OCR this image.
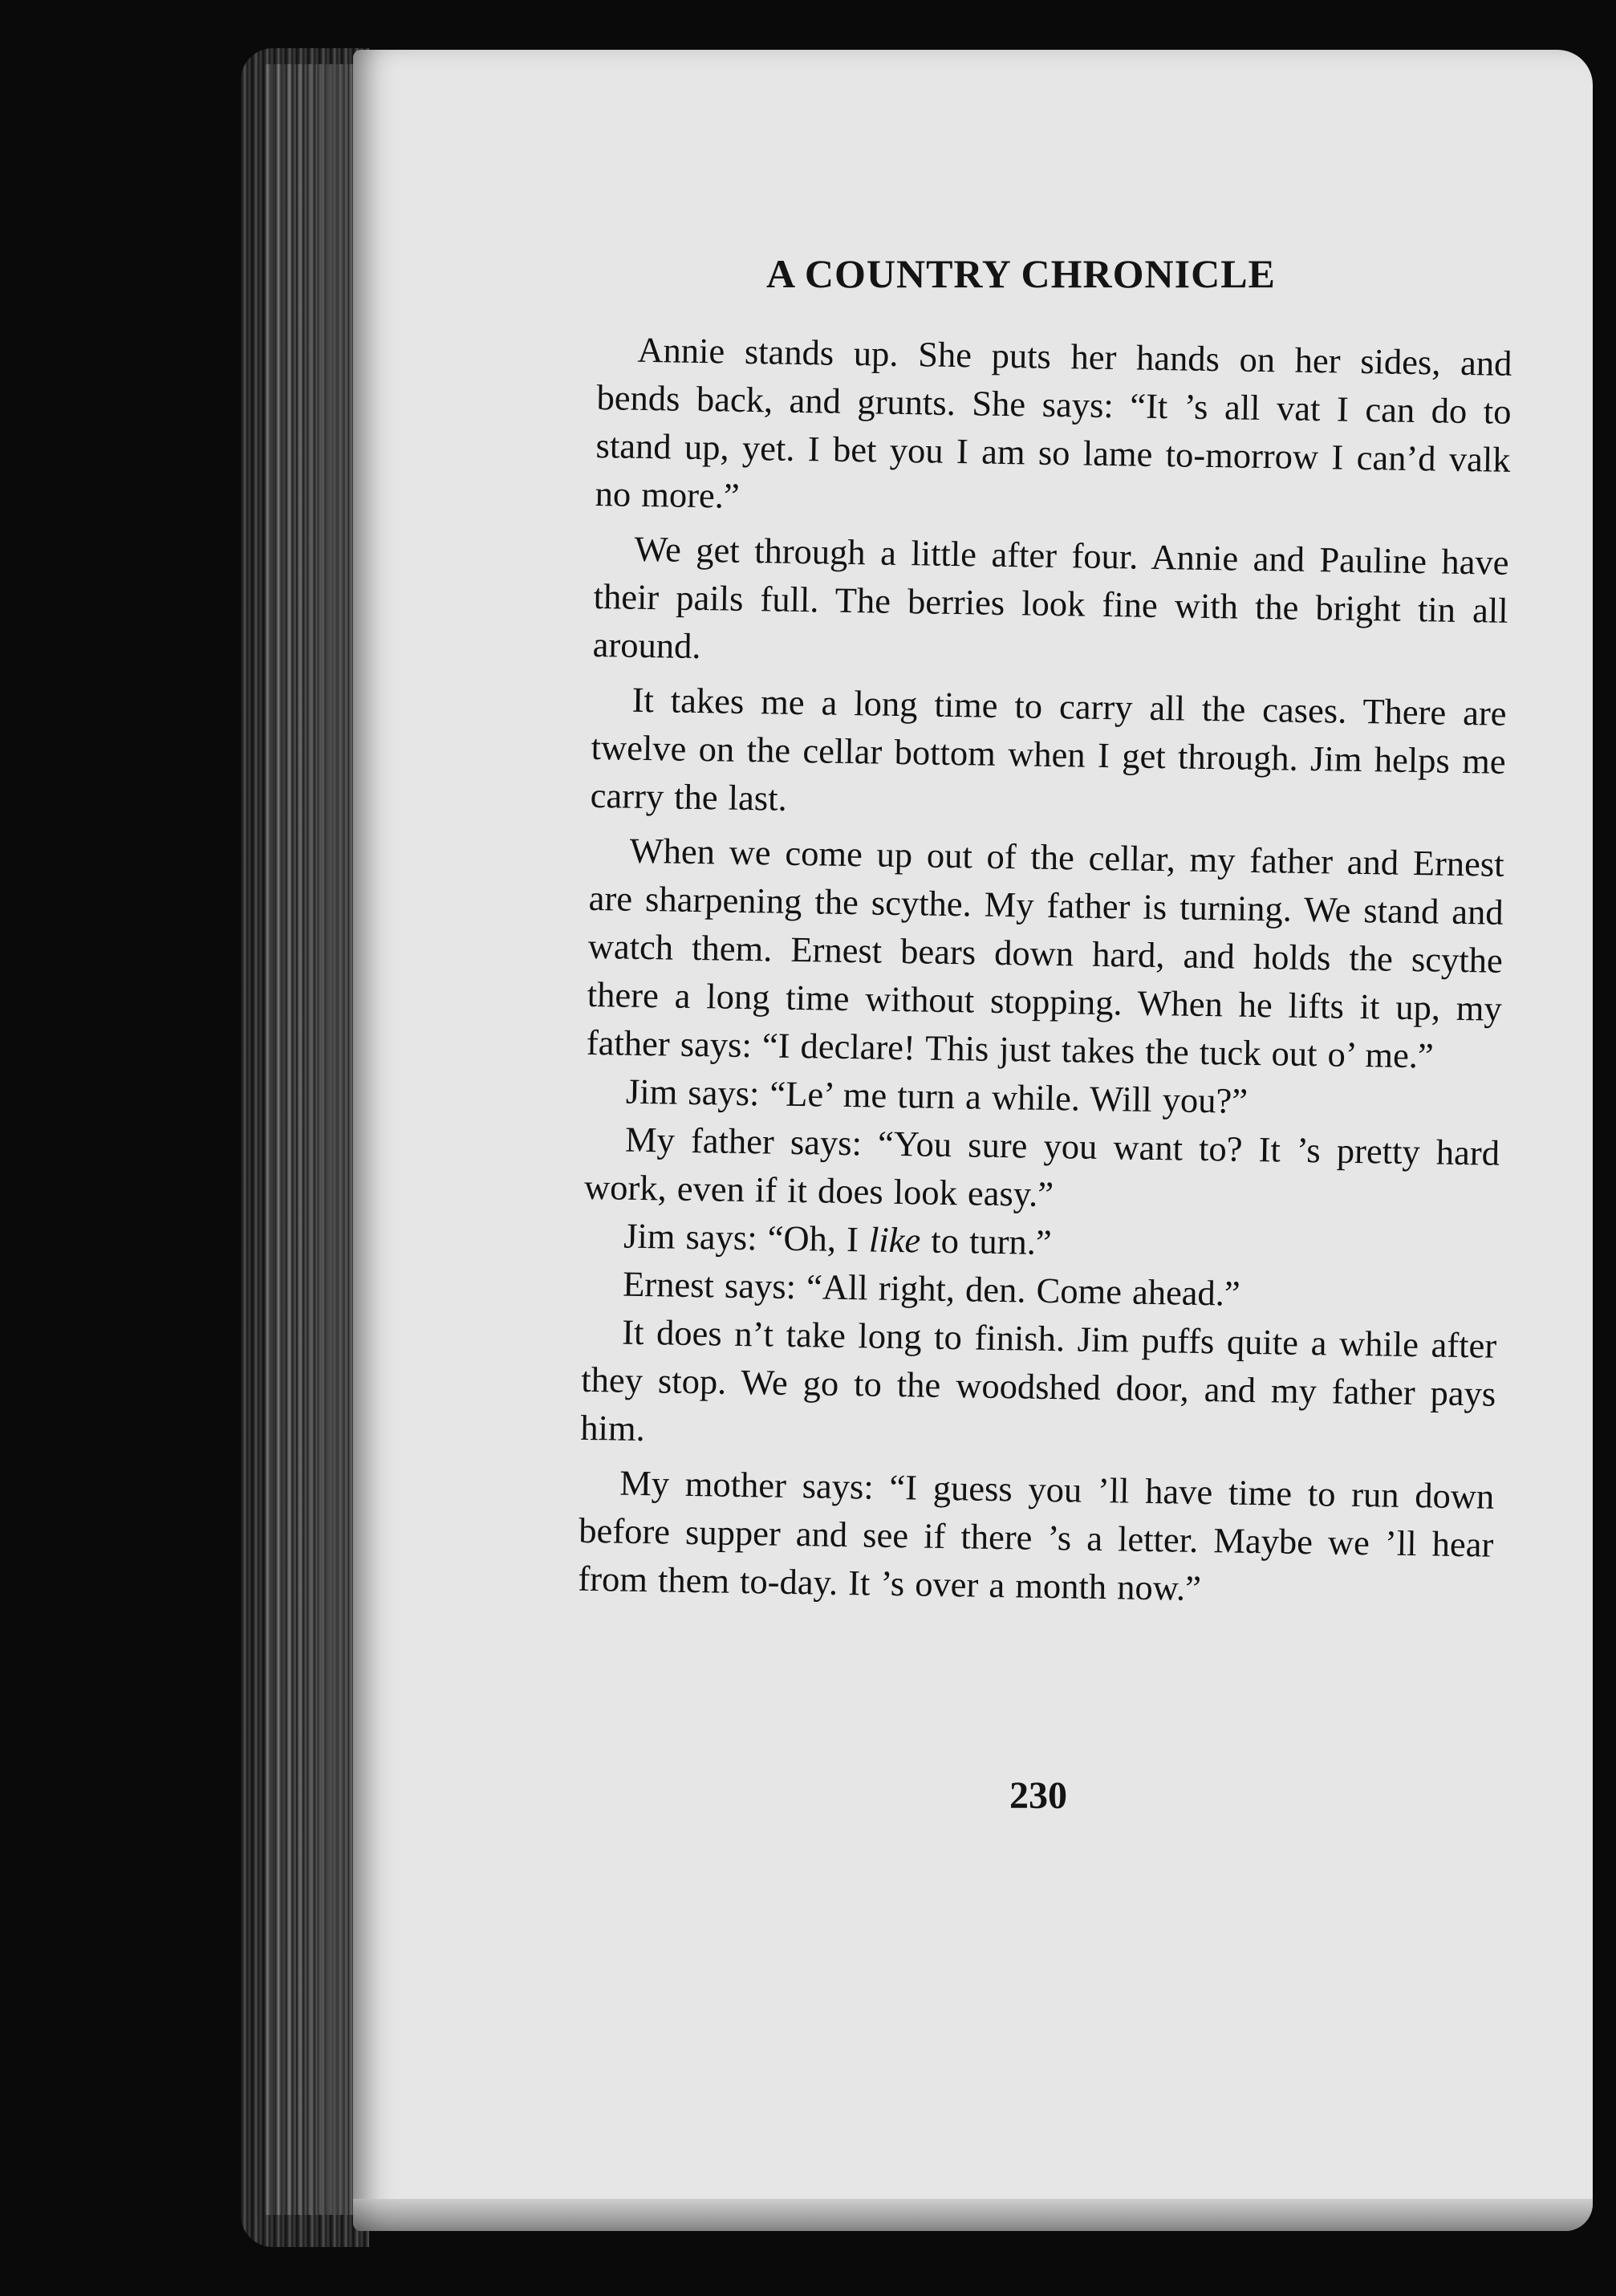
A COUNTRY CHRONICLE

Annie stands up. She puts her hands on her sides, and bends back, and grunts. She says: “It ’s all vat I can do to stand up, yet. I bet you I am so lame to-morrow I can’d valk no more.”

We get through a little after four. Annie and Pauline have their pails full. The berries look fine with the bright tin all around.

It takes me a long time to carry all the cases. There are twelve on the cellar bottom when I get through. Jim helps me carry the last.

When we come up out of the cellar, my father and Ernest are sharpening the scythe. My father is turning. We stand and watch them. Ernest bears down hard, and holds the scythe there a long time without stopping. When he lifts it up, my father says: “I declare! This just takes the tuck out o’ me.”

Jim says: “Le’ me turn a while. Will you?”

My father says: “You sure you want to? It ’s pretty hard work, even if it does look easy.”

Jim says: “Oh, I like to turn.”

Ernest says: “All right, den. Come ahead.”

It does n’t take long to finish. Jim puffs quite a while after they stop. We go to the woodshed door, and my father pays him.

My mother says: “I guess you ’ll have time to run down before supper and see if there ’s a letter. Maybe we ’ll hear from them to-day. It ’s over a month now.”

230
